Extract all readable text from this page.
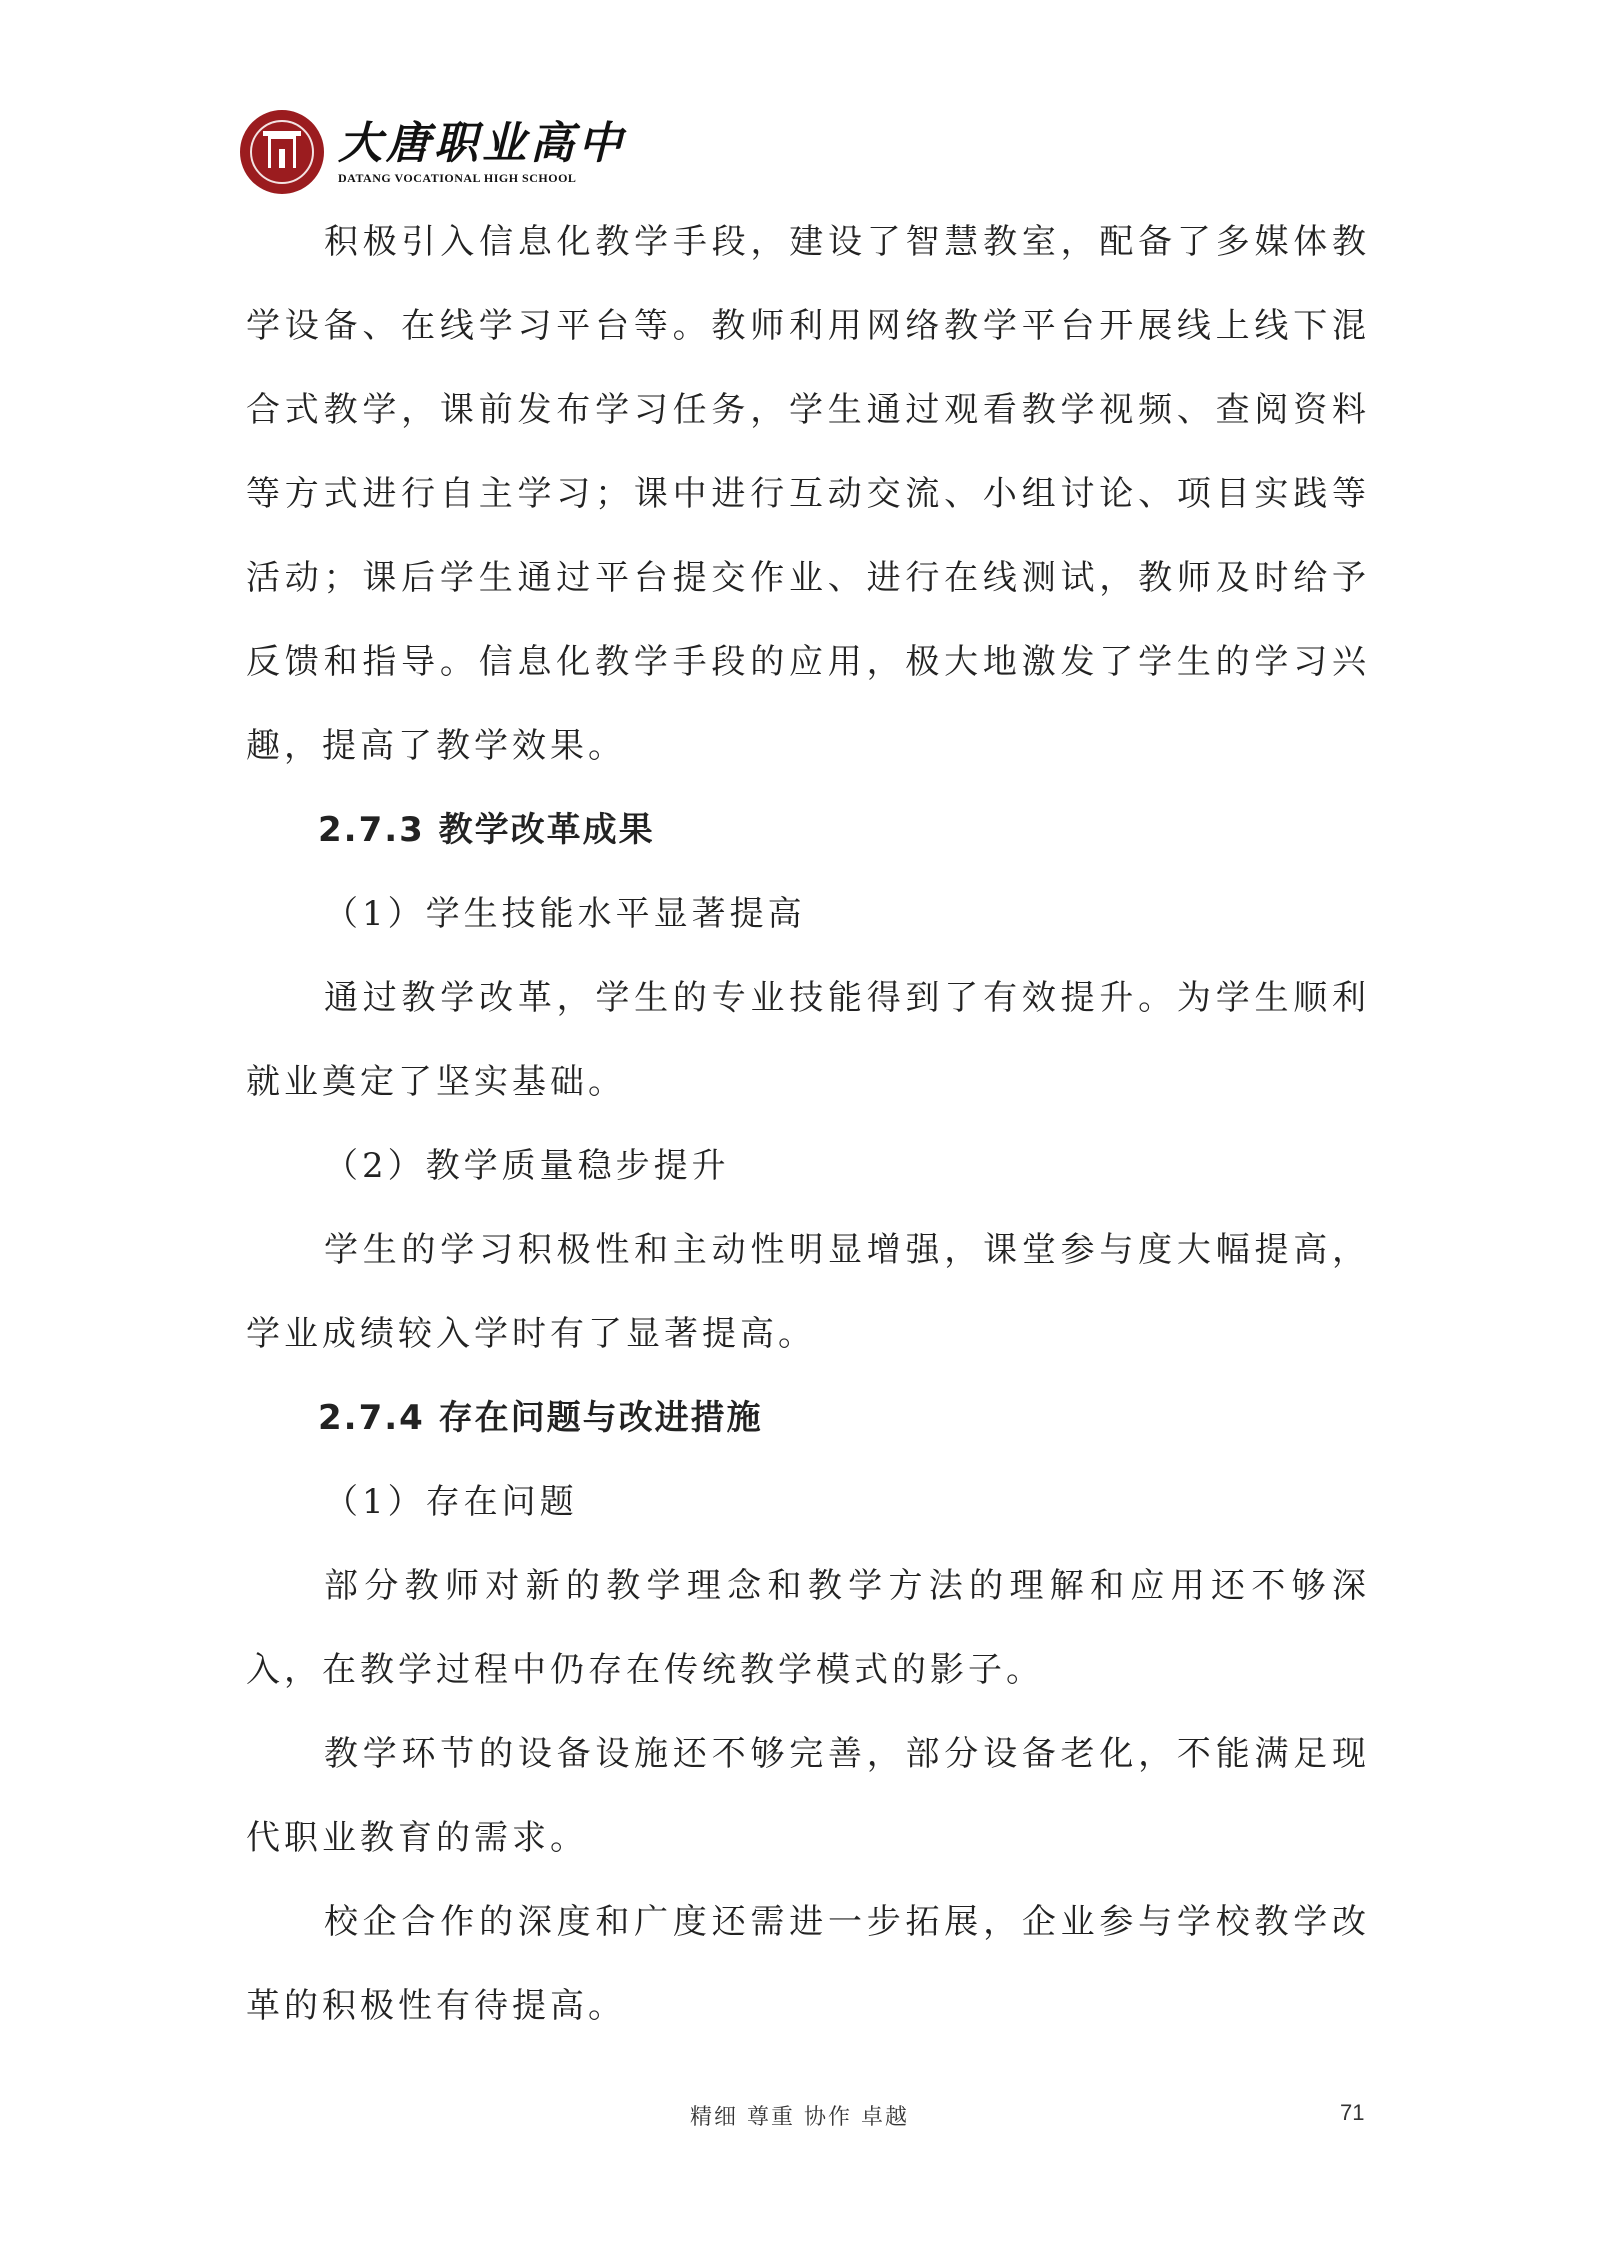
大唐职业高中
DATANG VOCATIONAL HIGH SCHOOL

积极引入信息化教学手段，建设了智慧教室，配备了多媒体教学设备、在线学习平台等。教师利用网络教学平台开展线上线下混合式教学，课前发布学习任务，学生通过观看教学视频、查阅资料等方式进行自主学习；课中进行互动交流、小组讨论、项目实践等活动；课后学生通过平台提交作业、进行在线测试，教师及时给予反馈和指导。信息化教学手段的应用，极大地激发了学生的学习兴趣，提高了教学效果。

2.7.3 教学改革成果

（1）学生技能水平显著提高

通过教学改革，学生的专业技能得到了有效提升。为学生顺利就业奠定了坚实基础。

（2）教学质量稳步提升

学生的学习积极性和主动性明显增强，课堂参与度大幅提高，学业成绩较入学时有了显著提高。

2.7.4 存在问题与改进措施

（1）存在问题

部分教师对新的教学理念和教学方法的理解和应用还不够深入，在教学过程中仍存在传统教学模式的影子。

教学环节的设备设施还不够完善，部分设备老化，不能满足现代职业教育的需求。

校企合作的深度和广度还需进一步拓展，企业参与学校教学改革的积极性有待提高。

精细 尊重 协作 卓越	71
